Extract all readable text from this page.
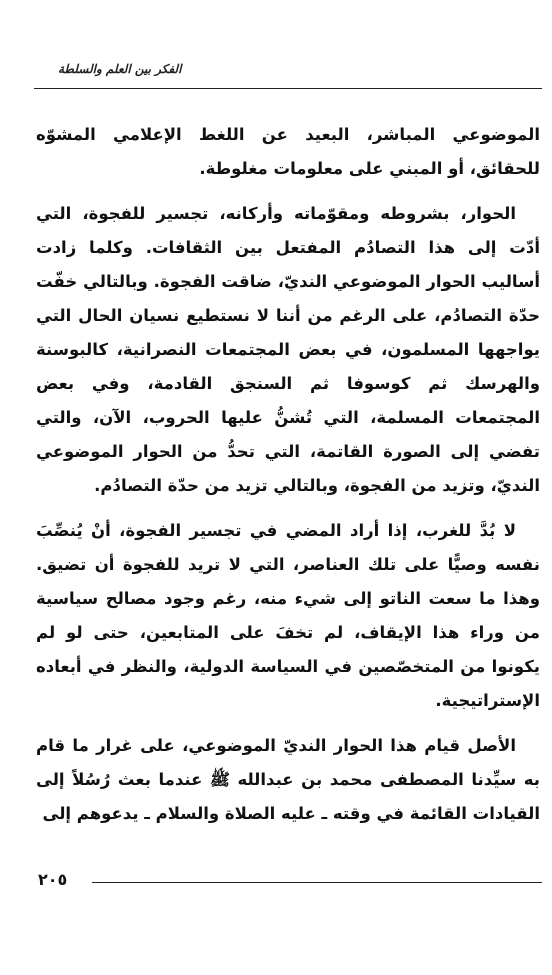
الفكر بين العلم والسلطة

الموضوعي المباشر، البعيد عن اللغط الإعلامي المشوّه للحقائق، أو المبني على معلومات مغلوطة.

الحوار، بشروطه ومقوّماته وأركانه، تجسير للفجوة، التي أدّت إلى هذا التصادُم المفتعل بين الثقافات. وكلما زادت أساليب الحوار الموضوعي النديّ، ضاقت الفجوة. وبالتالي خفّت حدّة التصادُم، على الرغم من أننا لا نستطيع نسيان الحال التي يواجهها المسلمون، في بعض المجتمعات النصرانية، كالبوسنة والهرسك ثم كوسوفا ثم السنجق القادمة، وفي بعض المجتمعات المسلمة، التي تُشنُّ عليها الحروب، الآن، والتي تفضي إلى الصورة القاتمة، التي تحدُّ من الحوار الموضوعي النديّ، وتزيد من الفجوة، وبالتالي تزيد من حدّة التصادُم.

لا بُدَّ للغرب، إذا أراد المضي في تجسير الفجوة، أنْ يُنصِّبَ نفسه وصيًّا على تلك العناصر، التي لا تريد للفجوة أن تضيق. وهذا ما سعت الناتو إلى شيء منه، رغم وجود مصالح سياسية من وراء هذا الإيقاف، لم تخفَ على المتابعين، حتى لو لم يكونوا من المتخصّصين في السياسة الدولية، والنظر في أبعاده الإستراتيجية.

الأصل قيام هذا الحوار النديّ الموضوعي، على غرار ما قام به سيِّدنا المصطفى محمد بن عبدالله ﷺ عندما بعث رُسُلاً إلى القيادات القائمة في وقته ـ عليه الصلاة والسلام ـ يدعوهم إلى

٢٠٥
